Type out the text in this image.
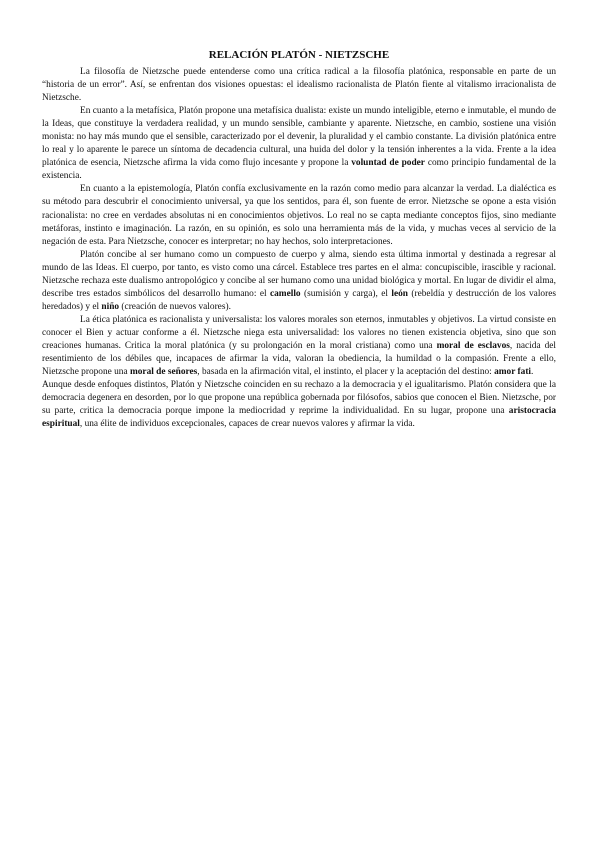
RELACIÓN PLATÓN - NIETZSCHE

La filosofía de Nietzsche puede entenderse como una crítica radical a la filosofía platónica, responsable en parte de un “historia de un error”. Así, se enfrentan dos visiones opuestas: el idealismo racionalista de Platón fiente al vitalismo irracionalista de Nietzsche.

En cuanto a la metafísica, Platón propone una metafísica dualista: existe un mundo inteligible, eterno e inmutable, el mundo de la Ideas, que constituye la verdadera realidad, y un mundo sensible, cambiante y aparente. Nietzsche, en cambio, sostiene una visión monista: no hay más mundo que el sensible, caracterizado por el devenir, la pluralidad y el cambio constante. La división platónica entre lo real y lo aparente le parece un síntoma de decadencia cultural, una huida del dolor y la tensión inherentes a la vida. Frente a la idea platónica de esencia, Nietzsche afirma la vida como flujo incesante y propone la voluntad de poder como principio fundamental de la existencia.

En cuanto a la epistemología, Platón confía exclusivamente en la razón como medio para alcanzar la verdad. La dialéctica es su método para descubrir el conocimiento universal, ya que los sentidos, para él, son fuente de error. Nietzsche se opone a esta visión racionalista: no cree en verdades absolutas ni en conocimientos objetivos. Lo real no se capta mediante conceptos fijos, sino mediante metáforas, instinto e imaginación. La razón, en su opinión, es solo una herramienta más de la vida, y muchas veces al servicio de la negación de esta. Para Nietzsche, conocer es interpretar; no hay hechos, solo interpretaciones.

Platón concibe al ser humano como un compuesto de cuerpo y alma, siendo esta última inmortal y destinada a regresar al mundo de las Ideas. El cuerpo, por tanto, es visto como una cárcel. Establece tres partes en el alma: concupiscible, irascible y racional. Nietzsche rechaza este dualismo antropológico y concibe al ser humano como una unidad biológica y mortal. En lugar de dividir el alma, describe tres estados simbólicos del desarrollo humano: el camello (sumisión y carga), el león (rebeldía y destrucción de los valores heredados) y el niño (creación de nuevos valores).

La ética platónica es racionalista y universalista: los valores morales son eternos, inmutables y objetivos. La virtud consiste en conocer el Bien y actuar conforme a él. Nietzsche niega esta universalidad: los valores no tienen existencia objetiva, sino que son creaciones humanas. Critica la moral platónica (y su prolongación en la moral cristiana) como una moral de esclavos, nacida del resentimiento de los débiles que, incapaces de afirmar la vida, valoran la obediencia, la humildad o la compasión. Frente a ello, Nietzsche propone una moral de señores, basada en la afirmación vital, el instinto, el placer y la aceptación del destino: amor fati.

Aunque desde enfoques distintos, Platón y Nietzsche coinciden en su rechazo a la democracia y el igualitarismo. Platón considera que la democracia degenera en desorden, por lo que propone una república gobernada por filósofos, sabios que conocen el Bien. Nietzsche, por su parte, critica la democracia porque impone la mediocridad y reprime la individualidad. En su lugar, propone una aristocracia espiritual, una élite de individuos excepcionales, capaces de crear nuevos valores y afirmar la vida.
